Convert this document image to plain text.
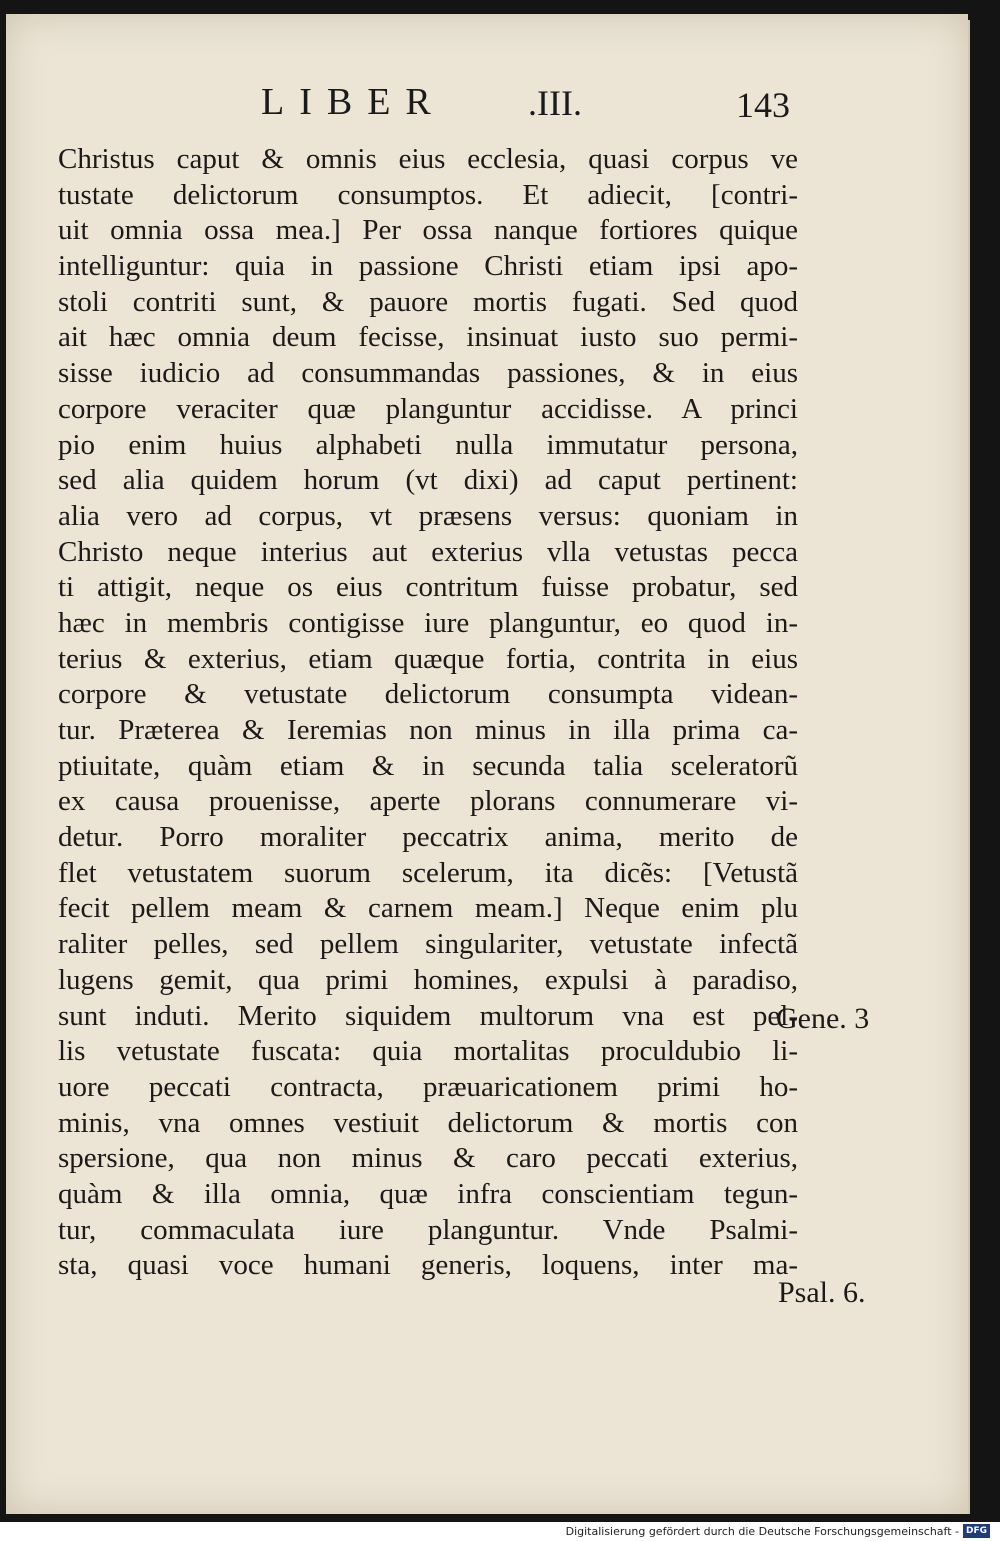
LIBER .III.	143
Christus caput & omnis eius ecclesia, quasi corpus ve
tustate delictorum consumptos. Et adiecit, [contri-
uit omnia ossa mea.] Per ossa nanque fortiores quique
intelliguntur: quia in passione Christi etiam ipsi apo-
stoli contriti sunt, & pauore mortis fugati. Sed quod
ait hæc omnia deum fecisse, insinuat iusto suo permi-
sisse iudicio ad consummandas passiones, & in eius
corpore veraciter quæ planguntur accidisse. A princi
pio enim huius alphabeti nulla immutatur persona,
sed alia quidem horum (vt dixi) ad caput pertinent:
alia vero ad corpus, vt præsens versus: quoniam in
Christo neque interius aut exterius vlla vetustas pecca
ti attigit, neque os eius contritum fuisse probatur, sed
hæc in membris contigisse iure planguntur, eo quod in-
terius & exterius, etiam quæque fortia, contrita in eius
corpore & vetustate delictorum consumpta videan-
tur. Præterea & Ieremias non minus in illa prima ca-
ptiuitate, quàm etiam & in secunda talia sceleratorũ
ex causa prouenisse, aperte plorans connumerare vi-
detur. Porro moraliter peccatrix anima, merito de
flet vetustatem suorum scelerum, ita dicẽs: [Vetustã
fecit pellem meam & carnem meam.] Neque enim plu
raliter pelles, sed pellem singulariter, vetustate infectã
lugens gemit, qua primi homines, expulsi à paradiso,
sunt induti. Merito siquidem multorum vna est pel-
lis vetustate fuscata: quia mortalitas proculdubio li-
uore peccati contracta, præuaricationem primi ho-
minis, vna omnes vestiuit delictorum & mortis con
spersione, qua non minus & caro peccati exterius,
quàm & illa omnia, quæ infra conscientiam tegun-
tur, commaculata iure planguntur. Vnde Psalmi-
sta, quasi voce humani generis, loquens, inter ma-
Gene. 3
Psal. 6.
Digitalisierung gefördert durch die Deutsche Forschungsgemeinschaft - DFG
